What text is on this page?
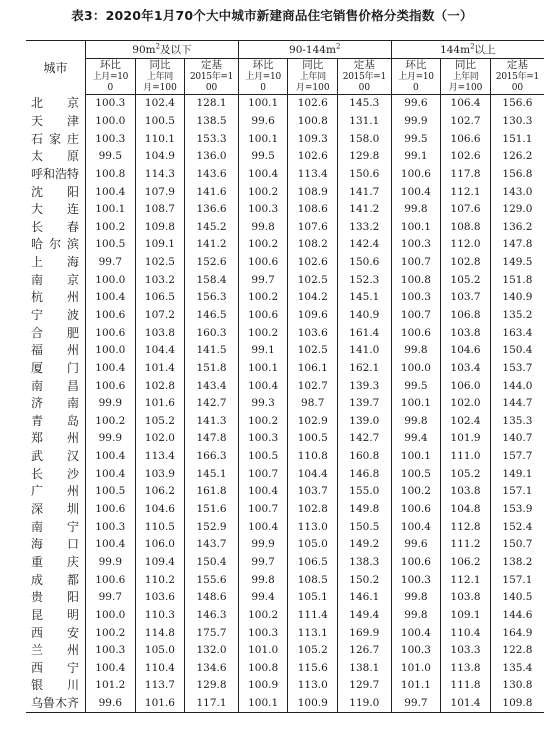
表3：2020年1月70个大中城市新建商品住宅销售价格分类指数（一）
城市	$90m^2$及以下			$90-144m^2$			$144m^2$以上		
	环比	同比	定基	环比	同比	定基	环比	同比	定基
	上月=10	上年同	2015年=1	上月=10	上年同	2015年=1	上月=10	上年同	2015年=1
	0	月=100	00	0	月=100	00	0	月=100	00
北京	100.3	102.4	128.1	100.1	102.6	145.3	99.6	106.4	156.6
天津	100.0	100.5	138.5	99.6	100.8	131.1	99.9	102.7	130.3
石家庄	100.3	110.1	153.3	100.1	109.3	158.0	99.5	106.6	151.1
太原	99.5	104.9	136.0	99.5	102.6	129.8	99.1	102.6	126.2
呼和浩特	100.8	114.3	143.6	100.4	113.4	150.6	100.6	117.8	156.8
沈阳	100.4	107.9	141.6	100.2	108.9	141.7	100.4	112.1	143.0
大连	100.1	108.7	136.6	100.3	108.6	141.2	99.8	107.6	129.0
长春	100.2	109.8	145.2	99.8	107.6	133.2	100.1	108.8	136.2
哈尔滨	100.5	109.1	141.2	100.2	108.2	142.4	100.3	112.0	147.8
上海	99.7	102.5	152.6	100.6	102.6	150.6	100.7	102.8	149.5
南京	100.0	103.2	158.4	99.7	102.5	152.3	100.8	105.2	151.8
杭州	100.4	106.5	156.3	100.2	104.2	145.1	100.3	103.7	140.9
宁波	100.6	107.2	146.5	100.6	109.6	140.9	100.7	106.8	135.2
合肥	100.6	103.8	160.3	100.2	103.6	161.4	100.6	103.8	163.4
福州	100.0	104.4	141.5	99.1	102.5	141.0	99.8	104.6	150.4
厦门	100.4	101.4	151.8	100.1	106.1	162.1	100.0	103.4	153.7
南昌	100.6	102.8	143.4	100.4	102.7	139.3	99.5	106.0	144.0
济南	99.9	101.6	142.7	99.3	98.7	139.7	100.1	102.0	144.7
青岛	100.2	105.2	141.3	100.2	102.9	139.0	99.8	102.4	135.3
郑州	99.9	102.0	147.8	100.3	100.5	142.7	99.4	101.9	140.7
武汉	100.4	113.4	166.3	100.5	110.8	160.8	100.1	111.0	157.7
长沙	100.4	103.9	145.1	100.7	104.4	146.8	100.5	105.2	149.1
广州	100.5	106.2	161.8	100.4	103.7	155.0	100.2	103.8	157.1
深圳	100.6	104.6	151.6	100.7	102.8	149.8	100.6	104.8	153.9
南宁	100.3	110.5	152.9	100.4	113.0	150.5	100.4	112.8	152.4
海口	100.4	106.0	143.7	99.9	105.0	149.2	99.6	111.2	150.7
重庆	99.9	109.4	150.4	99.7	106.5	138.3	100.6	106.2	138.2
成都	100.6	110.2	155.6	99.8	108.5	150.2	100.3	112.1	157.1
贵阳	99.7	103.6	148.6	99.4	105.1	146.1	99.8	103.8	140.5
昆明	100.0	110.3	146.3	100.2	111.4	149.4	99.8	109.1	144.6
西安	100.2	114.8	175.7	100.3	113.1	169.9	100.4	110.4	164.9
兰州	100.3	105.0	132.0	101.0	105.2	126.7	100.3	103.3	122.8
西宁	100.4	110.4	134.6	100.8	115.6	138.1	101.0	113.8	135.4
银川	101.2	113.7	129.8	100.9	113.0	129.7	101.1	111.8	130.8
乌鲁木齐	99.6	101.6	117.1	100.1	100.9	119.0	99.7	101.4	109.8
